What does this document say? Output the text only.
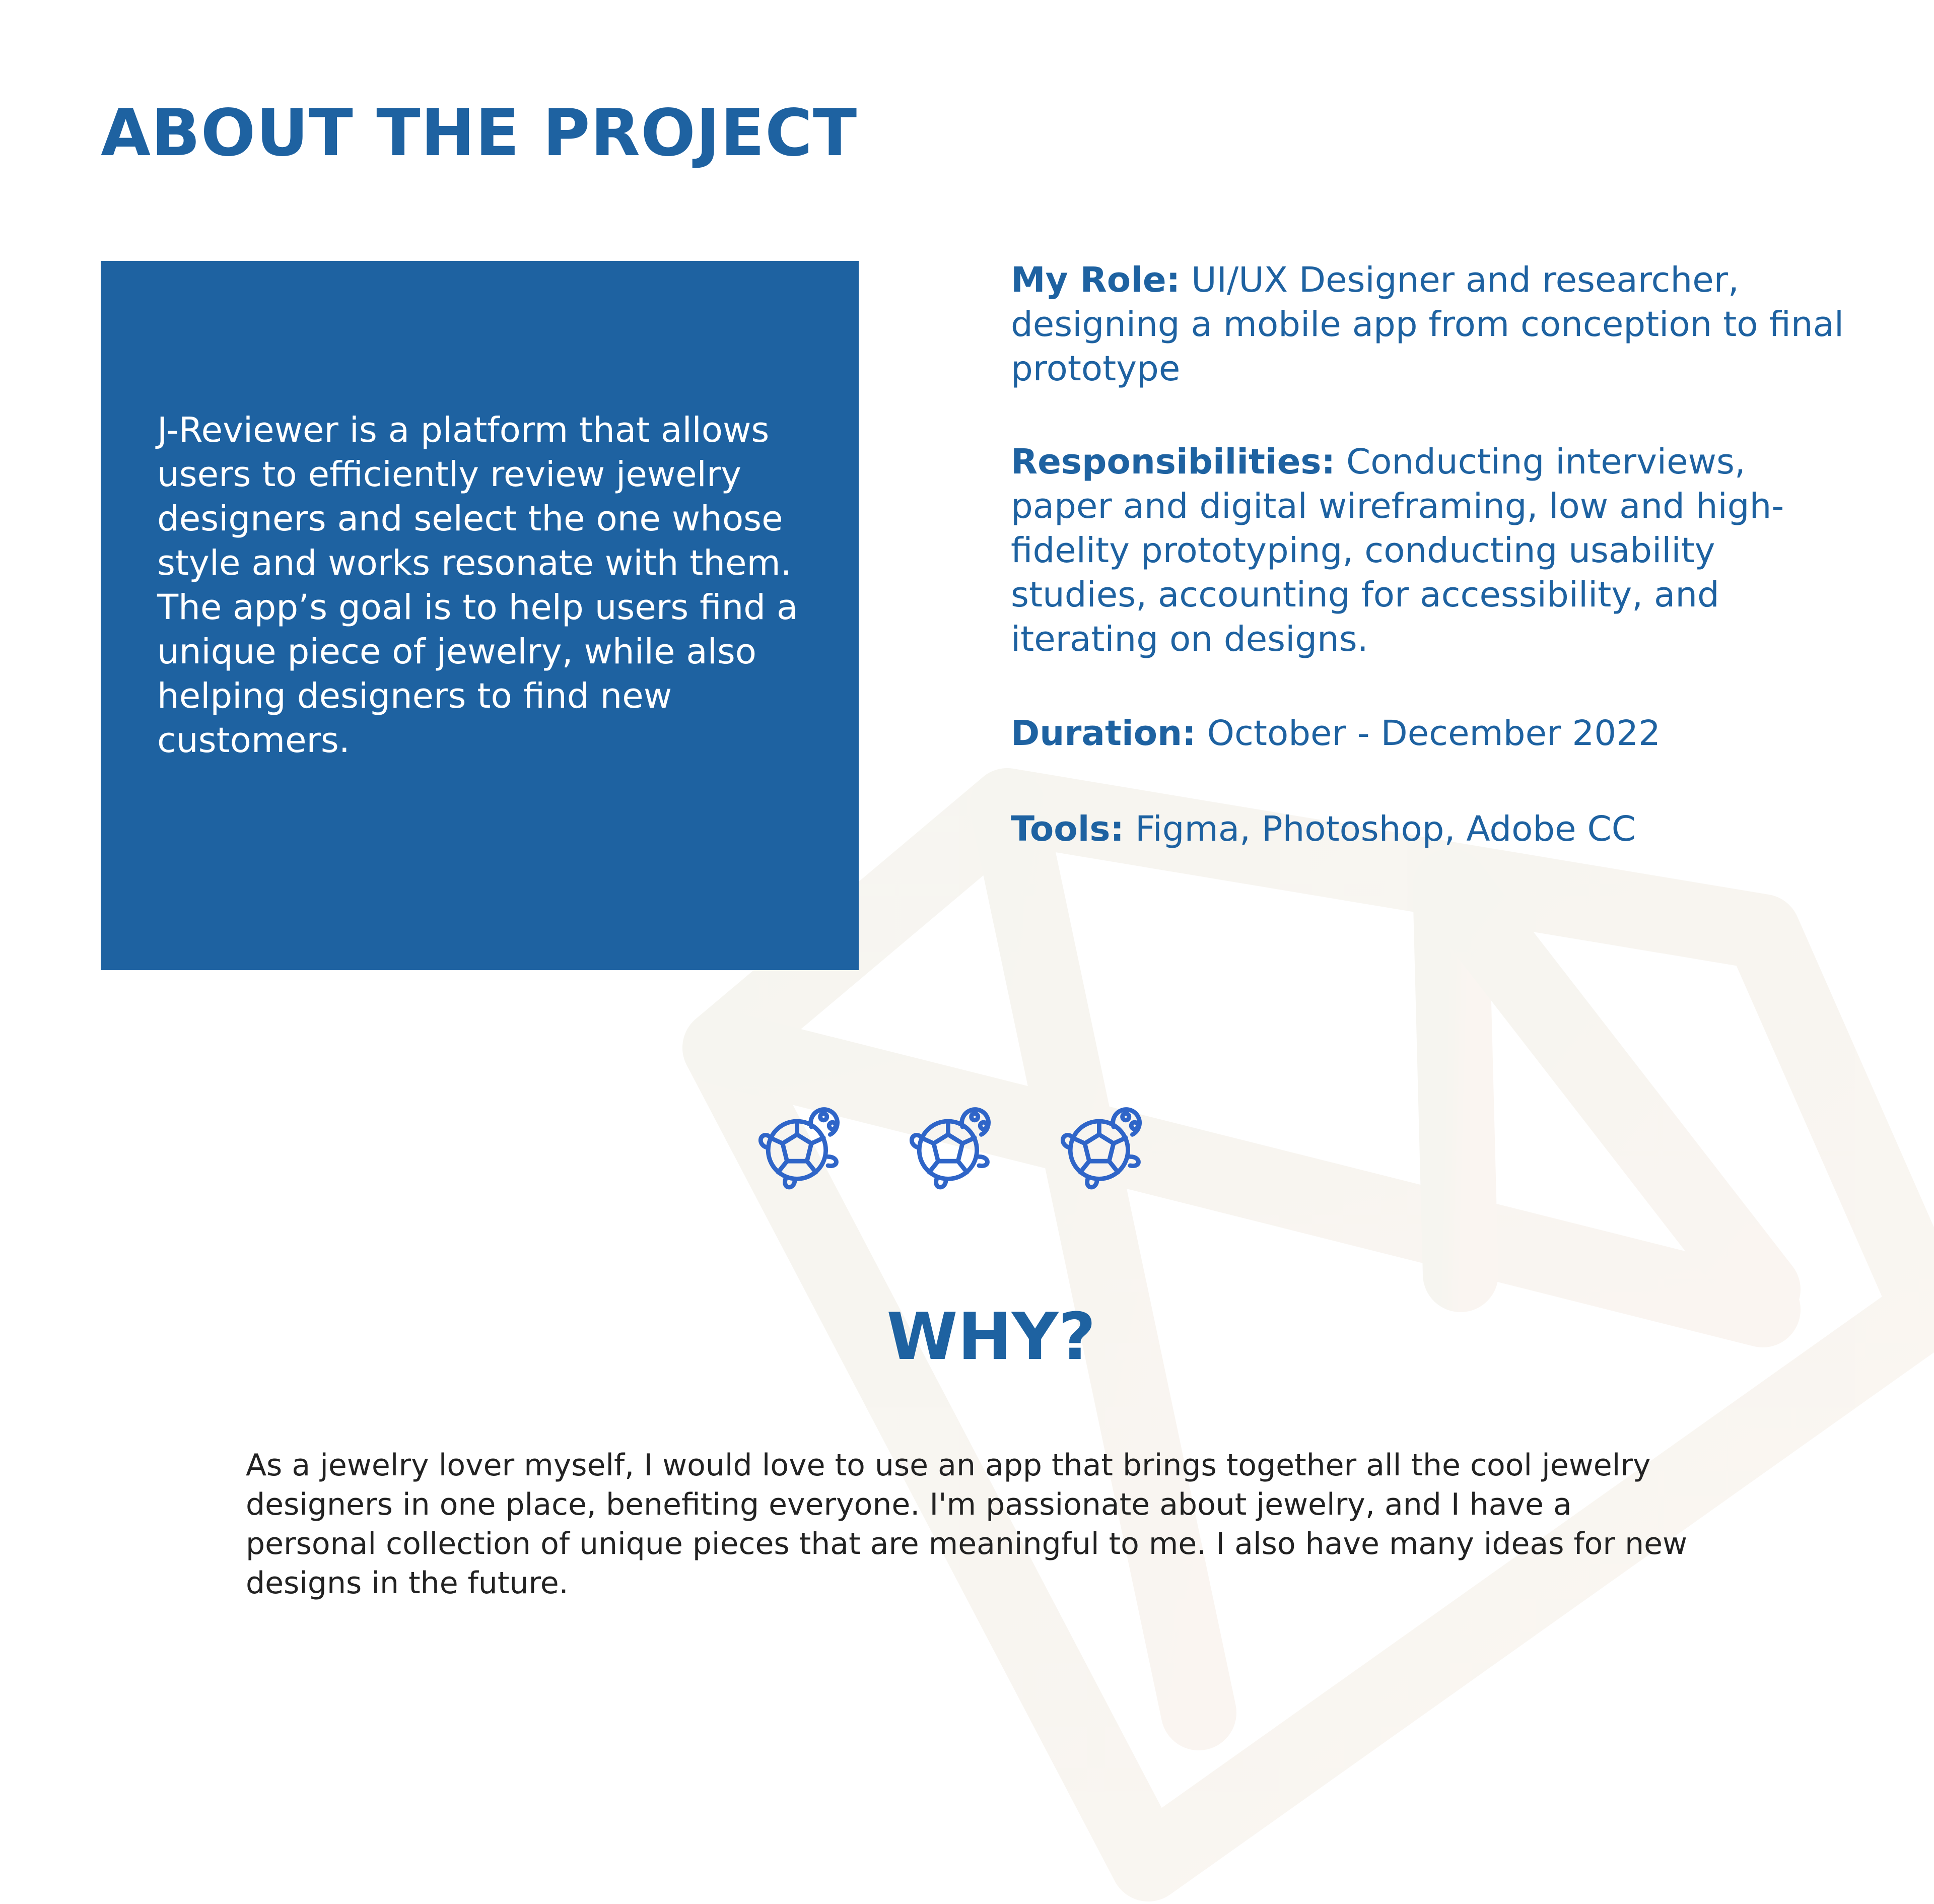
ABOUT THE PROJECT

J-Reviewer is a platform that allows users to efficiently review jewelry designers and select the one whose style and works resonate with them. The app’s goal is to help users find a unique piece of jewelry, while also helping designers to find new customers.

My Role: UI/UX Designer and researcher, designing a mobile app from conception to final prototype

Responsibilities: Conducting interviews, paper and digital wireframing, low and high-fidelity prototyping, conducting usability studies, accounting for accessibility, and iterating on designs.

Duration: October - December 2022

Tools: Figma, Photoshop, Adobe CC

WHY?

As a jewelry lover myself, I would love to use an app that brings together all the cool jewelry designers in one place, benefiting everyone. I'm passionate about jewelry, and I have a personal collection of unique pieces that are meaningful to me. I also have many ideas for new designs in the future.
